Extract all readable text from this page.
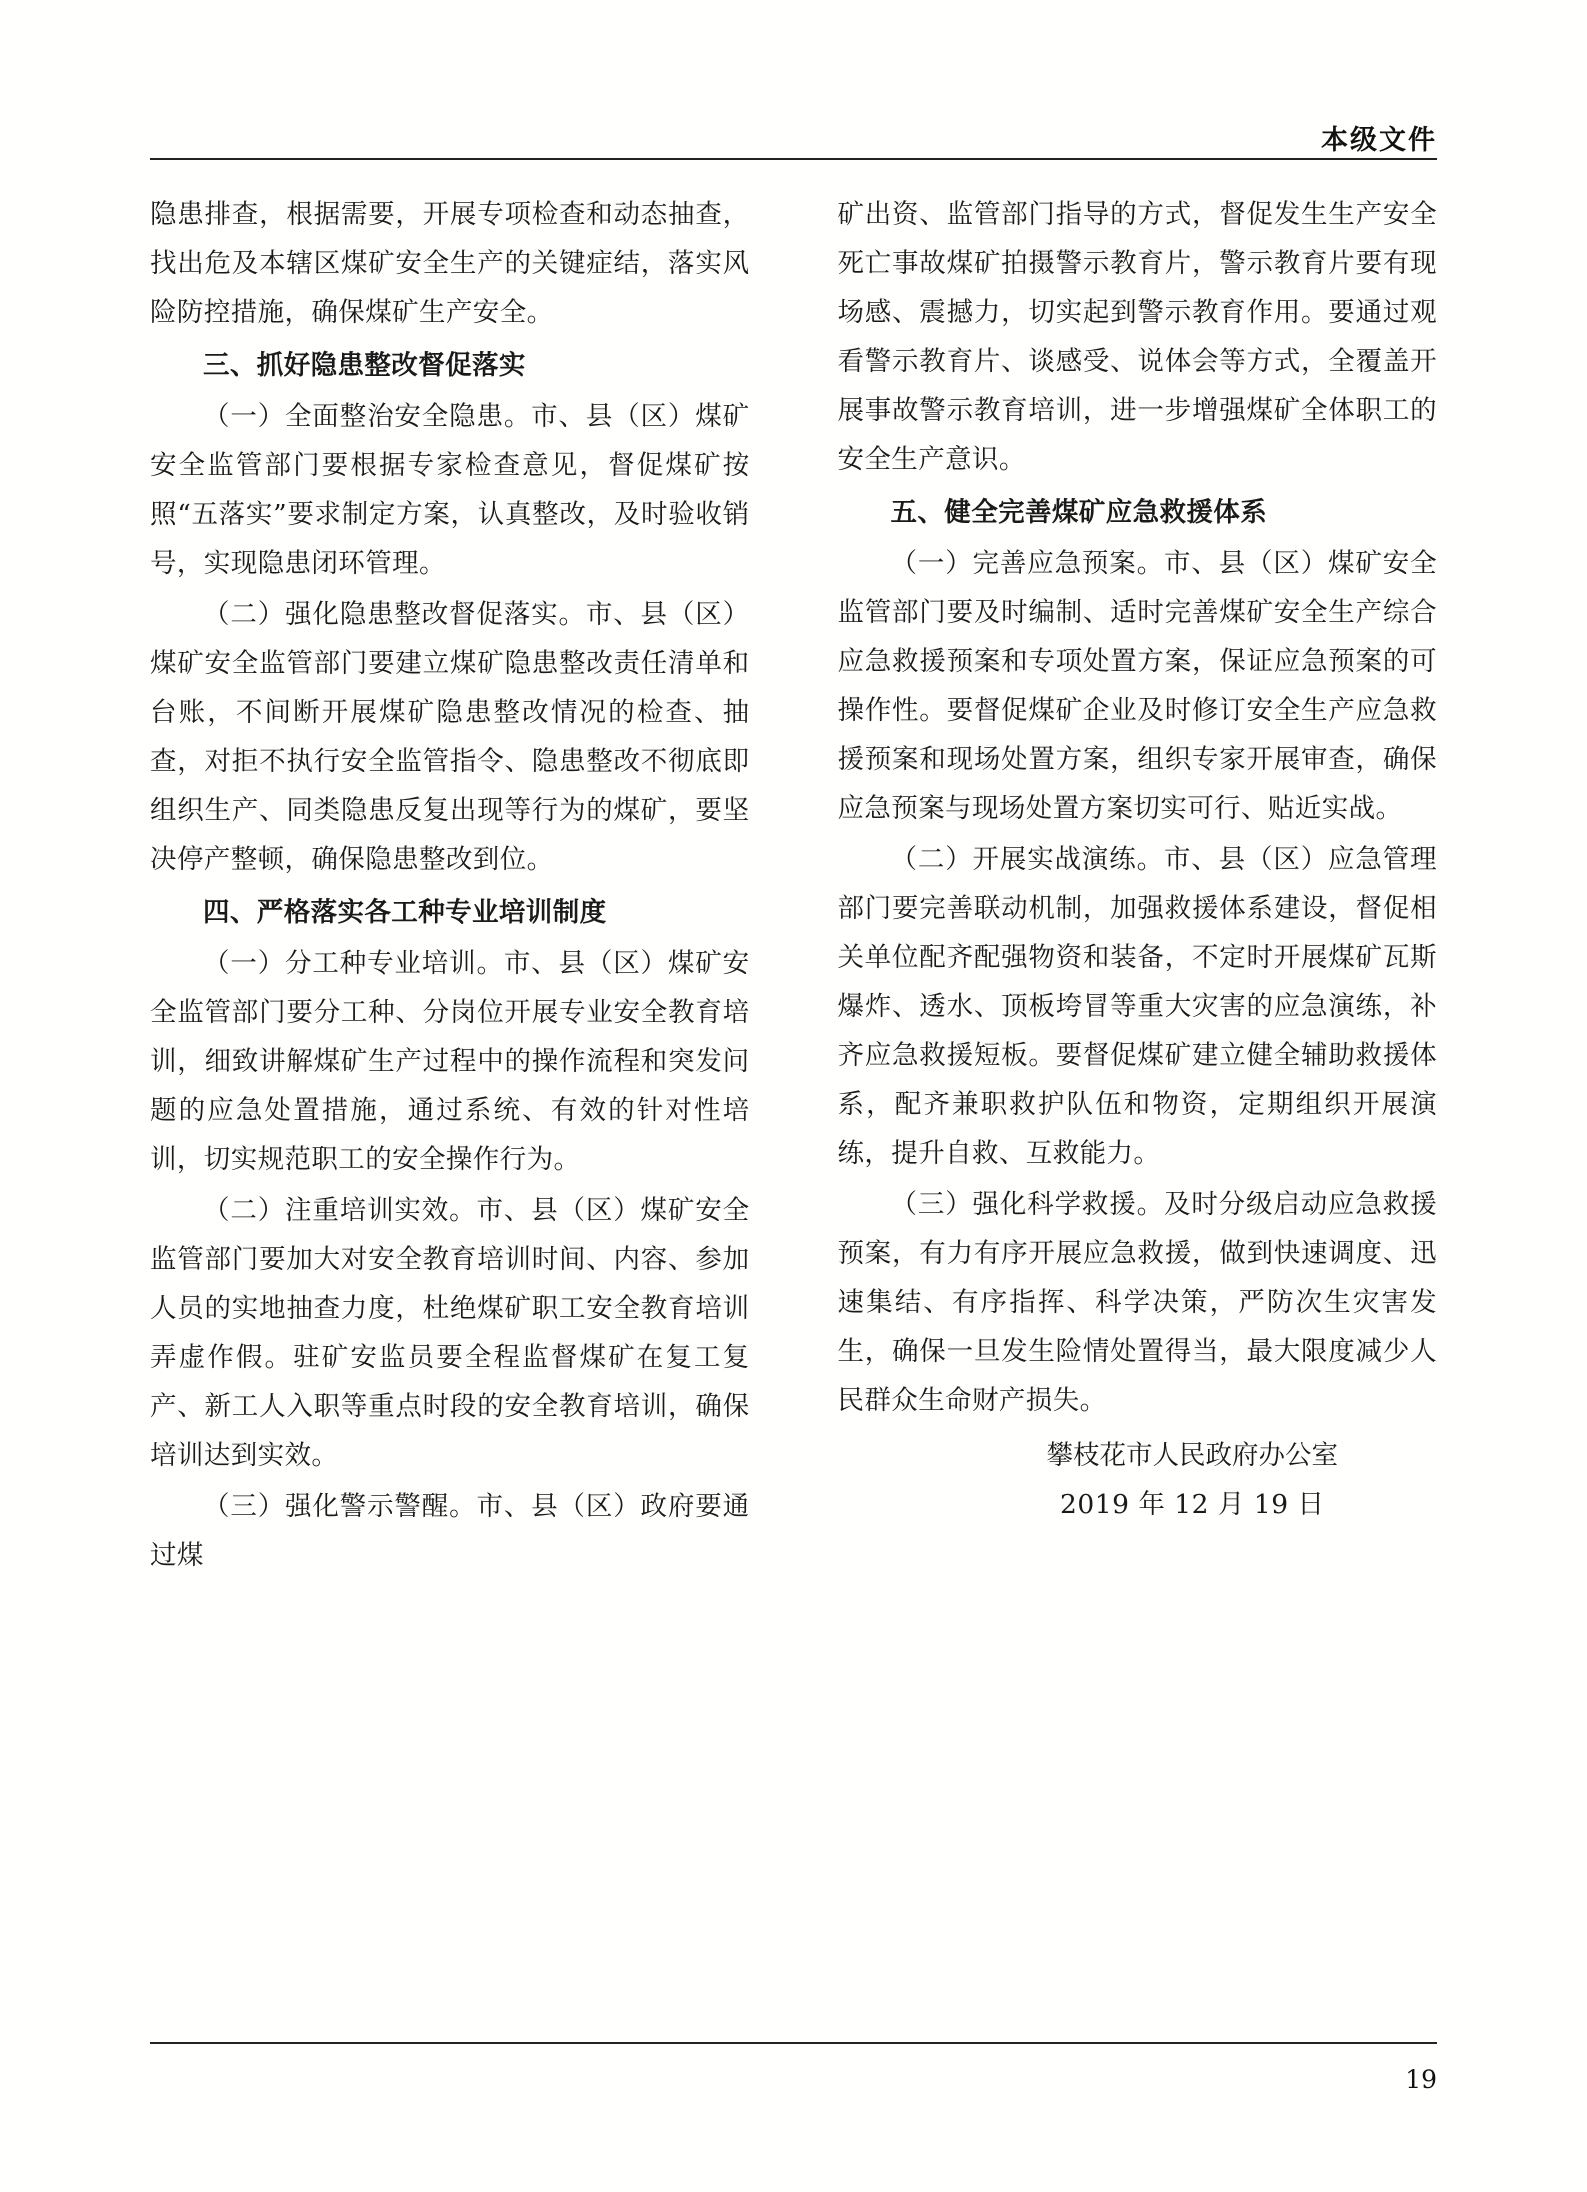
本级文件

隐患排查，根据需要，开展专项检查和动态抽查，找出危及本辖区煤矿安全生产的关键症结，落实风险防控措施，确保煤矿生产安全。

三、抓好隐患整改督促落实

（一）全面整治安全隐患。市、县（区）煤矿安全监管部门要根据专家检查意见，督促煤矿按照“五落实”要求制定方案，认真整改，及时验收销号，实现隐患闭环管理。

（二）强化隐患整改督促落实。市、县（区）煤矿安全监管部门要建立煤矿隐患整改责任清单和台账，不间断开展煤矿隐患整改情况的检查、抽查，对拒不执行安全监管指令、隐患整改不彻底即组织生产、同类隐患反复出现等行为的煤矿，要坚决停产整顿，确保隐患整改到位。

四、严格落实各工种专业培训制度

（一）分工种专业培训。市、县（区）煤矿安全监管部门要分工种、分岗位开展专业安全教育培训，细致讲解煤矿生产过程中的操作流程和突发问题的应急处置措施，通过系统、有效的针对性培训，切实规范职工的安全操作行为。

（二）注重培训实效。市、县（区）煤矿安全监管部门要加大对安全教育培训时间、内容、参加人员的实地抽查力度，杜绝煤矿职工安全教育培训弄虚作假。驻矿安监员要全程监督煤矿在复工复产、新工人入职等重点时段的安全教育培训，确保培训达到实效。

（三）强化警示警醒。市、县（区）政府要通过煤

矿出资、监管部门指导的方式，督促发生生产安全死亡事故煤矿拍摄警示教育片，警示教育片要有现场感、震撼力，切实起到警示教育作用。要通过观看警示教育片、谈感受、说体会等方式，全覆盖开展事故警示教育培训，进一步增强煤矿全体职工的安全生产意识。

五、健全完善煤矿应急救援体系

（一）完善应急预案。市、县（区）煤矿安全监管部门要及时编制、适时完善煤矿安全生产综合应急救援预案和专项处置方案，保证应急预案的可操作性。要督促煤矿企业及时修订安全生产应急救援预案和现场处置方案，组织专家开展审查，确保应急预案与现场处置方案切实可行、贴近实战。

（二）开展实战演练。市、县（区）应急管理部门要完善联动机制，加强救援体系建设，督促相关单位配齐配强物资和装备，不定时开展煤矿瓦斯爆炸、透水、顶板垮冒等重大灾害的应急演练，补齐应急救援短板。要督促煤矿建立健全辅助救援体系，配齐兼职救护队伍和物资，定期组织开展演练，提升自救、互救能力。

（三）强化科学救援。及时分级启动应急救援预案，有力有序开展应急救援，做到快速调度、迅速集结、有序指挥、科学决策，严防次生灾害发生，确保一旦发生险情处置得当，最大限度减少人民群众生命财产损失。

攀枝花市人民政府办公室
2019 年 12 月 19 日
19
